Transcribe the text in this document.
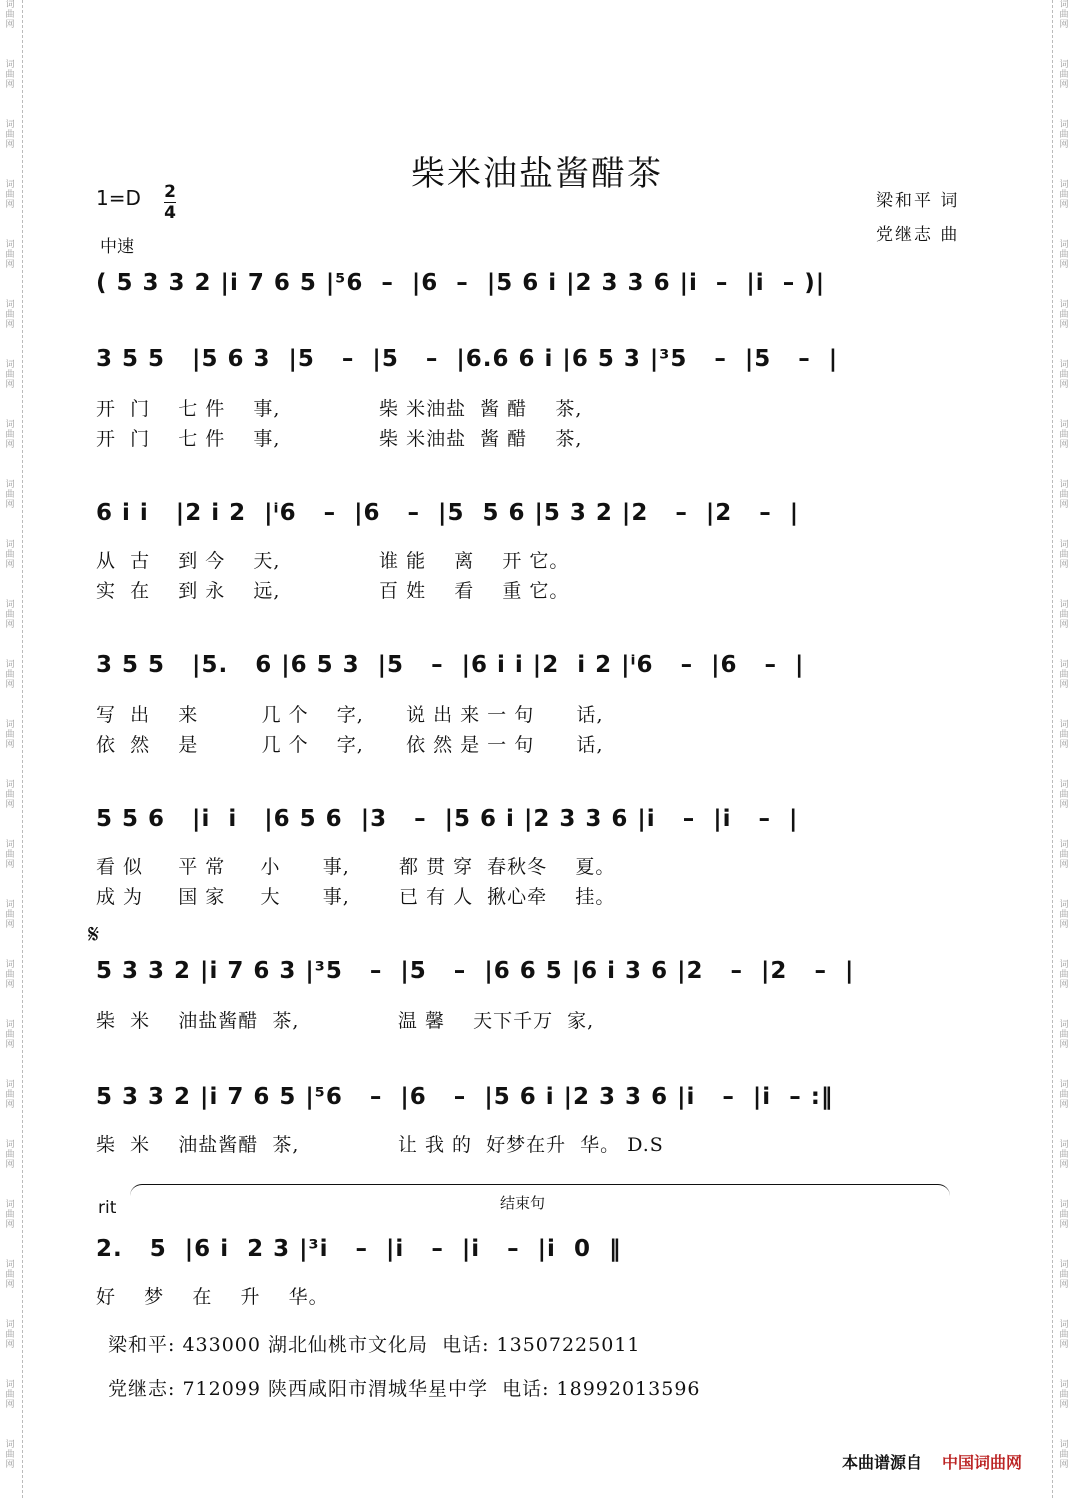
柴米油盐酱醋茶
1=D 2
4
中速
梁和平 词
党继志 曲
( 5 3 3 2 |i 7 6 5 |⁵6  –  |6  –  |5 6 i |2 3 3 6 |i  –  |i  – )|
3 5 5   |5 6 3  |5   –  |5   –  |6.6 6 i |6 5 3 |³5   –  |5   –  |
开  门    七 件    事,              柴 米油盐  酱 醋    茶,
开  门    七 件    事,              柴 米油盐  酱 醋    茶,
6 i i   |2 i 2  |ⁱ6   –  |6   –  |5  5 6 |5 3 2 |2   –  |2   –  |
从  古    到 今    天,              谁 能    离    开 它。
实  在    到 永    远,              百 姓    看    重 它。
3 5 5   |5.   6 |6 5 3  |5   –  |6 i i |2  i 2 |ⁱ6   –  |6   –  |
写  出    来         几 个    字,      说 出 来 一 句      话,
依  然    是         几 个    字,      依 然 是 一 句      话,
5 5 6   |i  i   |6 5 6  |3   –  |5 6 i |2 3 3 6 |i   –  |i   –  |
看 似     平 常     小      事,       都 贯 穿  春秋冬    夏。
成 为     国 家     大      事,       已 有 人  揪心牵    挂。
𝄋
5 3 3 2 |i 7 6 3 |³5   –  |5   –  |6 6 5 |6 i 3 6 |2   –  |2   –  |
柴  米    油盐酱醋  茶,              温 馨    天下千万  家,
5 3 3 2 |i 7 6 5 |⁵6   –  |6   –  |5 6 i |2 3 3 6 |i   –  |i  – :‖
柴  米    油盐酱醋  茶,              让 我 的  好梦在升  华。 D.S
结束句
rit
2.   5  |6 i  2 3 |³i   –  |i   –  |i   –  |i  0  ‖
好    梦    在    升    华。
梁和平: 433000 湖北仙桃市文化局  电话: 13507225011
党继志: 712099 陕西咸阳市渭城华星中学  电话: 18992013596
本曲谱源自 中国词曲网
词
曲
网
词
曲
网
词
曲
网
词
曲
网
词
曲
网
词
曲
网
词
曲
网
词
曲
网
词
曲
网
词
曲
网
词
曲
网
词
曲
网
词
曲
网
词
曲
网
词
曲
网
词
曲
网
词
曲
网
词
曲
网
词
曲
网
词
曲
网
词
曲
网
词
曲
网
词
曲
网
词
曲
网
词
曲
网
词
曲
网
词
曲
网
词
曲
网
词
曲
网
词
曲
网
词
曲
网
词
曲
网
词
曲
网
词
曲
网
词
曲
网
词
曲
网
词
曲
网
词
曲
网
词
曲
网
词
曲
网
词
曲
网
词
曲
网
词
曲
网
词
曲
网
词
曲
网
词
曲
网
词
曲
网
词
曲
网
词
曲
网
词
曲
网
